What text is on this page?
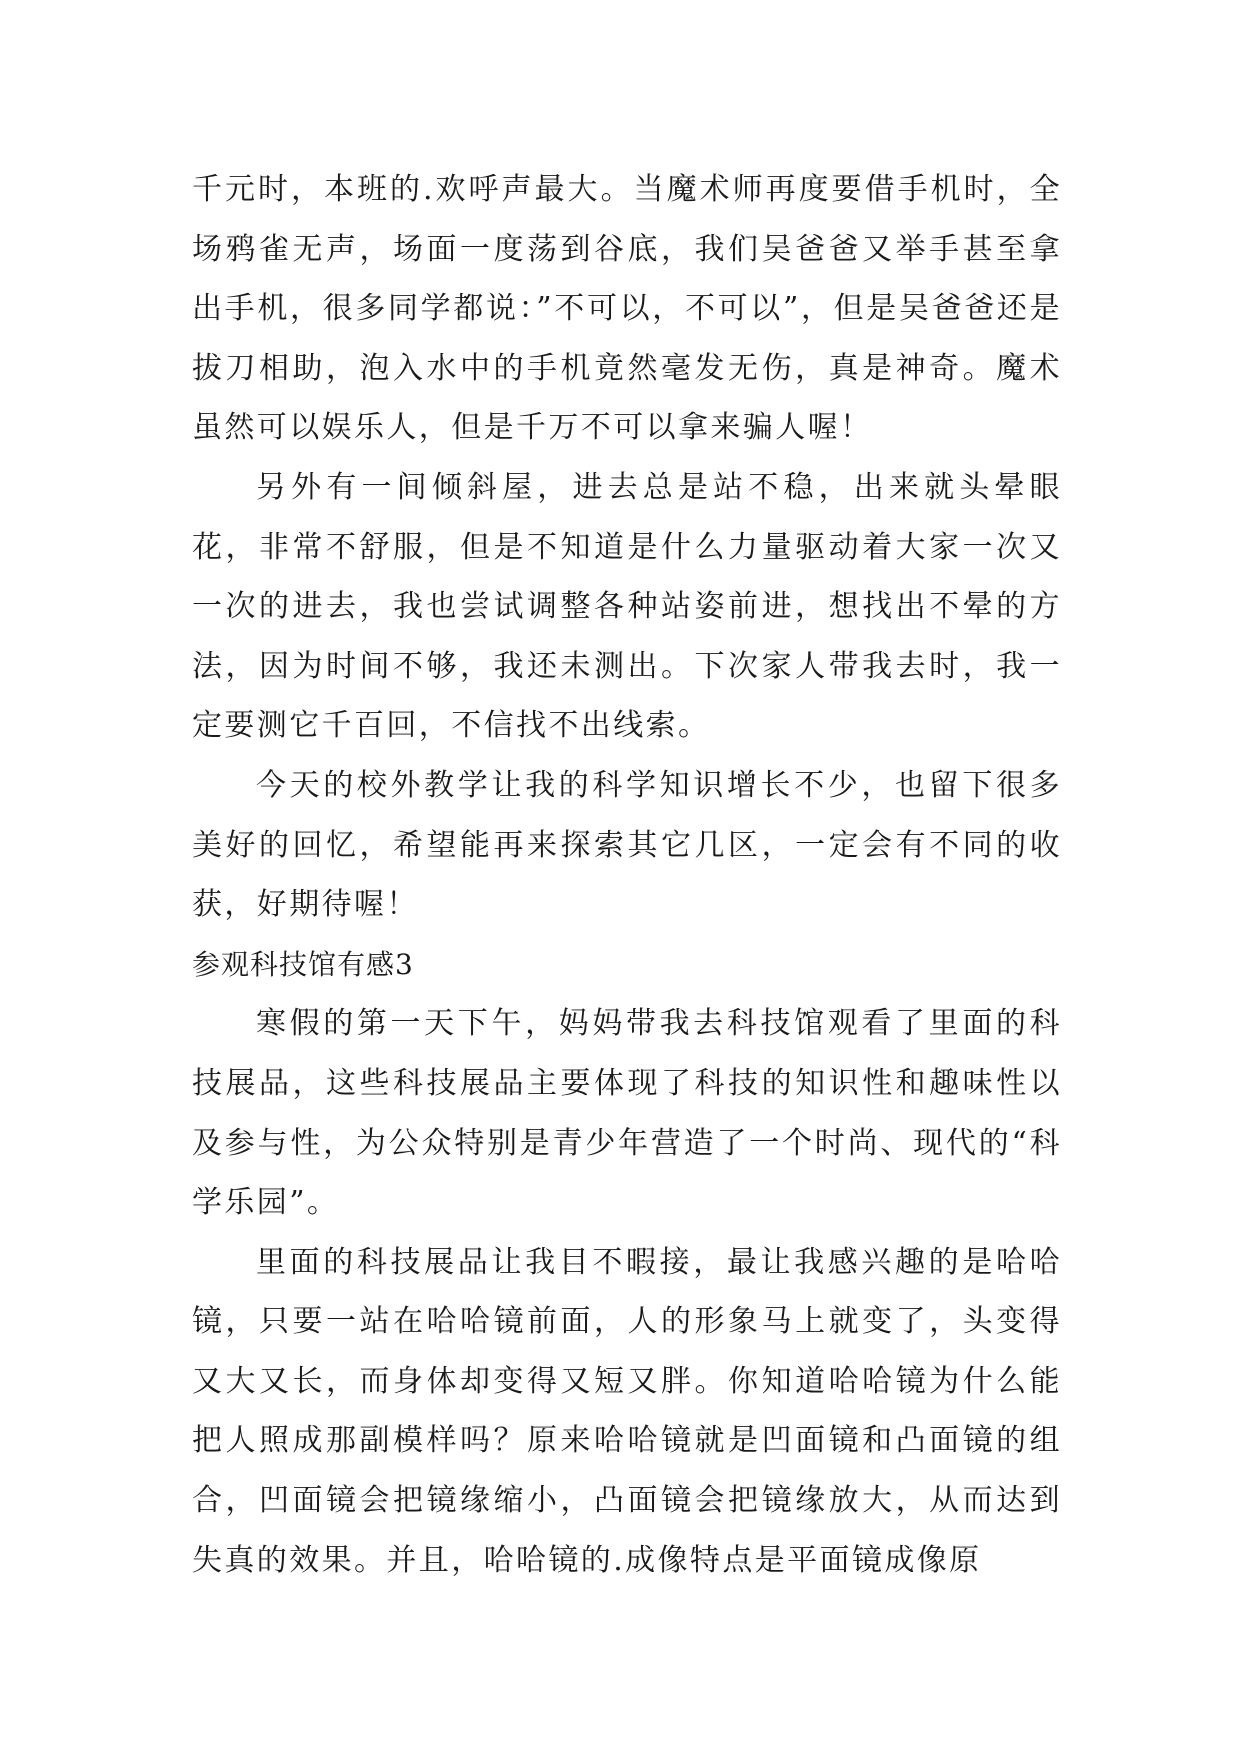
千元时，本班的.欢呼声最大。当魔术师再度要借手机时，全场鸦雀无声，场面一度荡到谷底，我们吴爸爸又举手甚至拿出手机，很多同学都说：”不可以，不可以”，但是吴爸爸还是拔刀相助，泡入水中的手机竟然毫发无伤，真是神奇。魔术虽然可以娱乐人，但是千万不可以拿来骗人喔！

另外有一间倾斜屋，进去总是站不稳，出来就头晕眼花，非常不舒服，但是不知道是什么力量驱动着大家一次又一次的进去，我也尝试调整各种站姿前进，想找出不晕的方法，因为时间不够，我还未测出。下次家人带我去时，我一定要测它千百回，不信找不出线索。

今天的校外教学让我的科学知识增长不少，也留下很多美好的回忆，希望能再来探索其它几区，一定会有不同的收获，好期待喔！

参观科技馆有感3

寒假的第一天下午，妈妈带我去科技馆观看了里面的科技展品，这些科技展品主要体现了科技的知识性和趣味性以及参与性，为公众特别是青少年营造了一个时尚、现代的“科学乐园”。

里面的科技展品让我目不暇接，最让我感兴趣的是哈哈镜，只要一站在哈哈镜前面，人的形象马上就变了，头变得又大又长，而身体却变得又短又胖。你知道哈哈镜为什么能把人照成那副模样吗？原来哈哈镜就是凹面镜和凸面镜的组合，凹面镜会把镜缘缩小，凸面镜会把镜缘放大，从而达到失真的效果。并且，哈哈镜的.成像特点是平面镜成像原
